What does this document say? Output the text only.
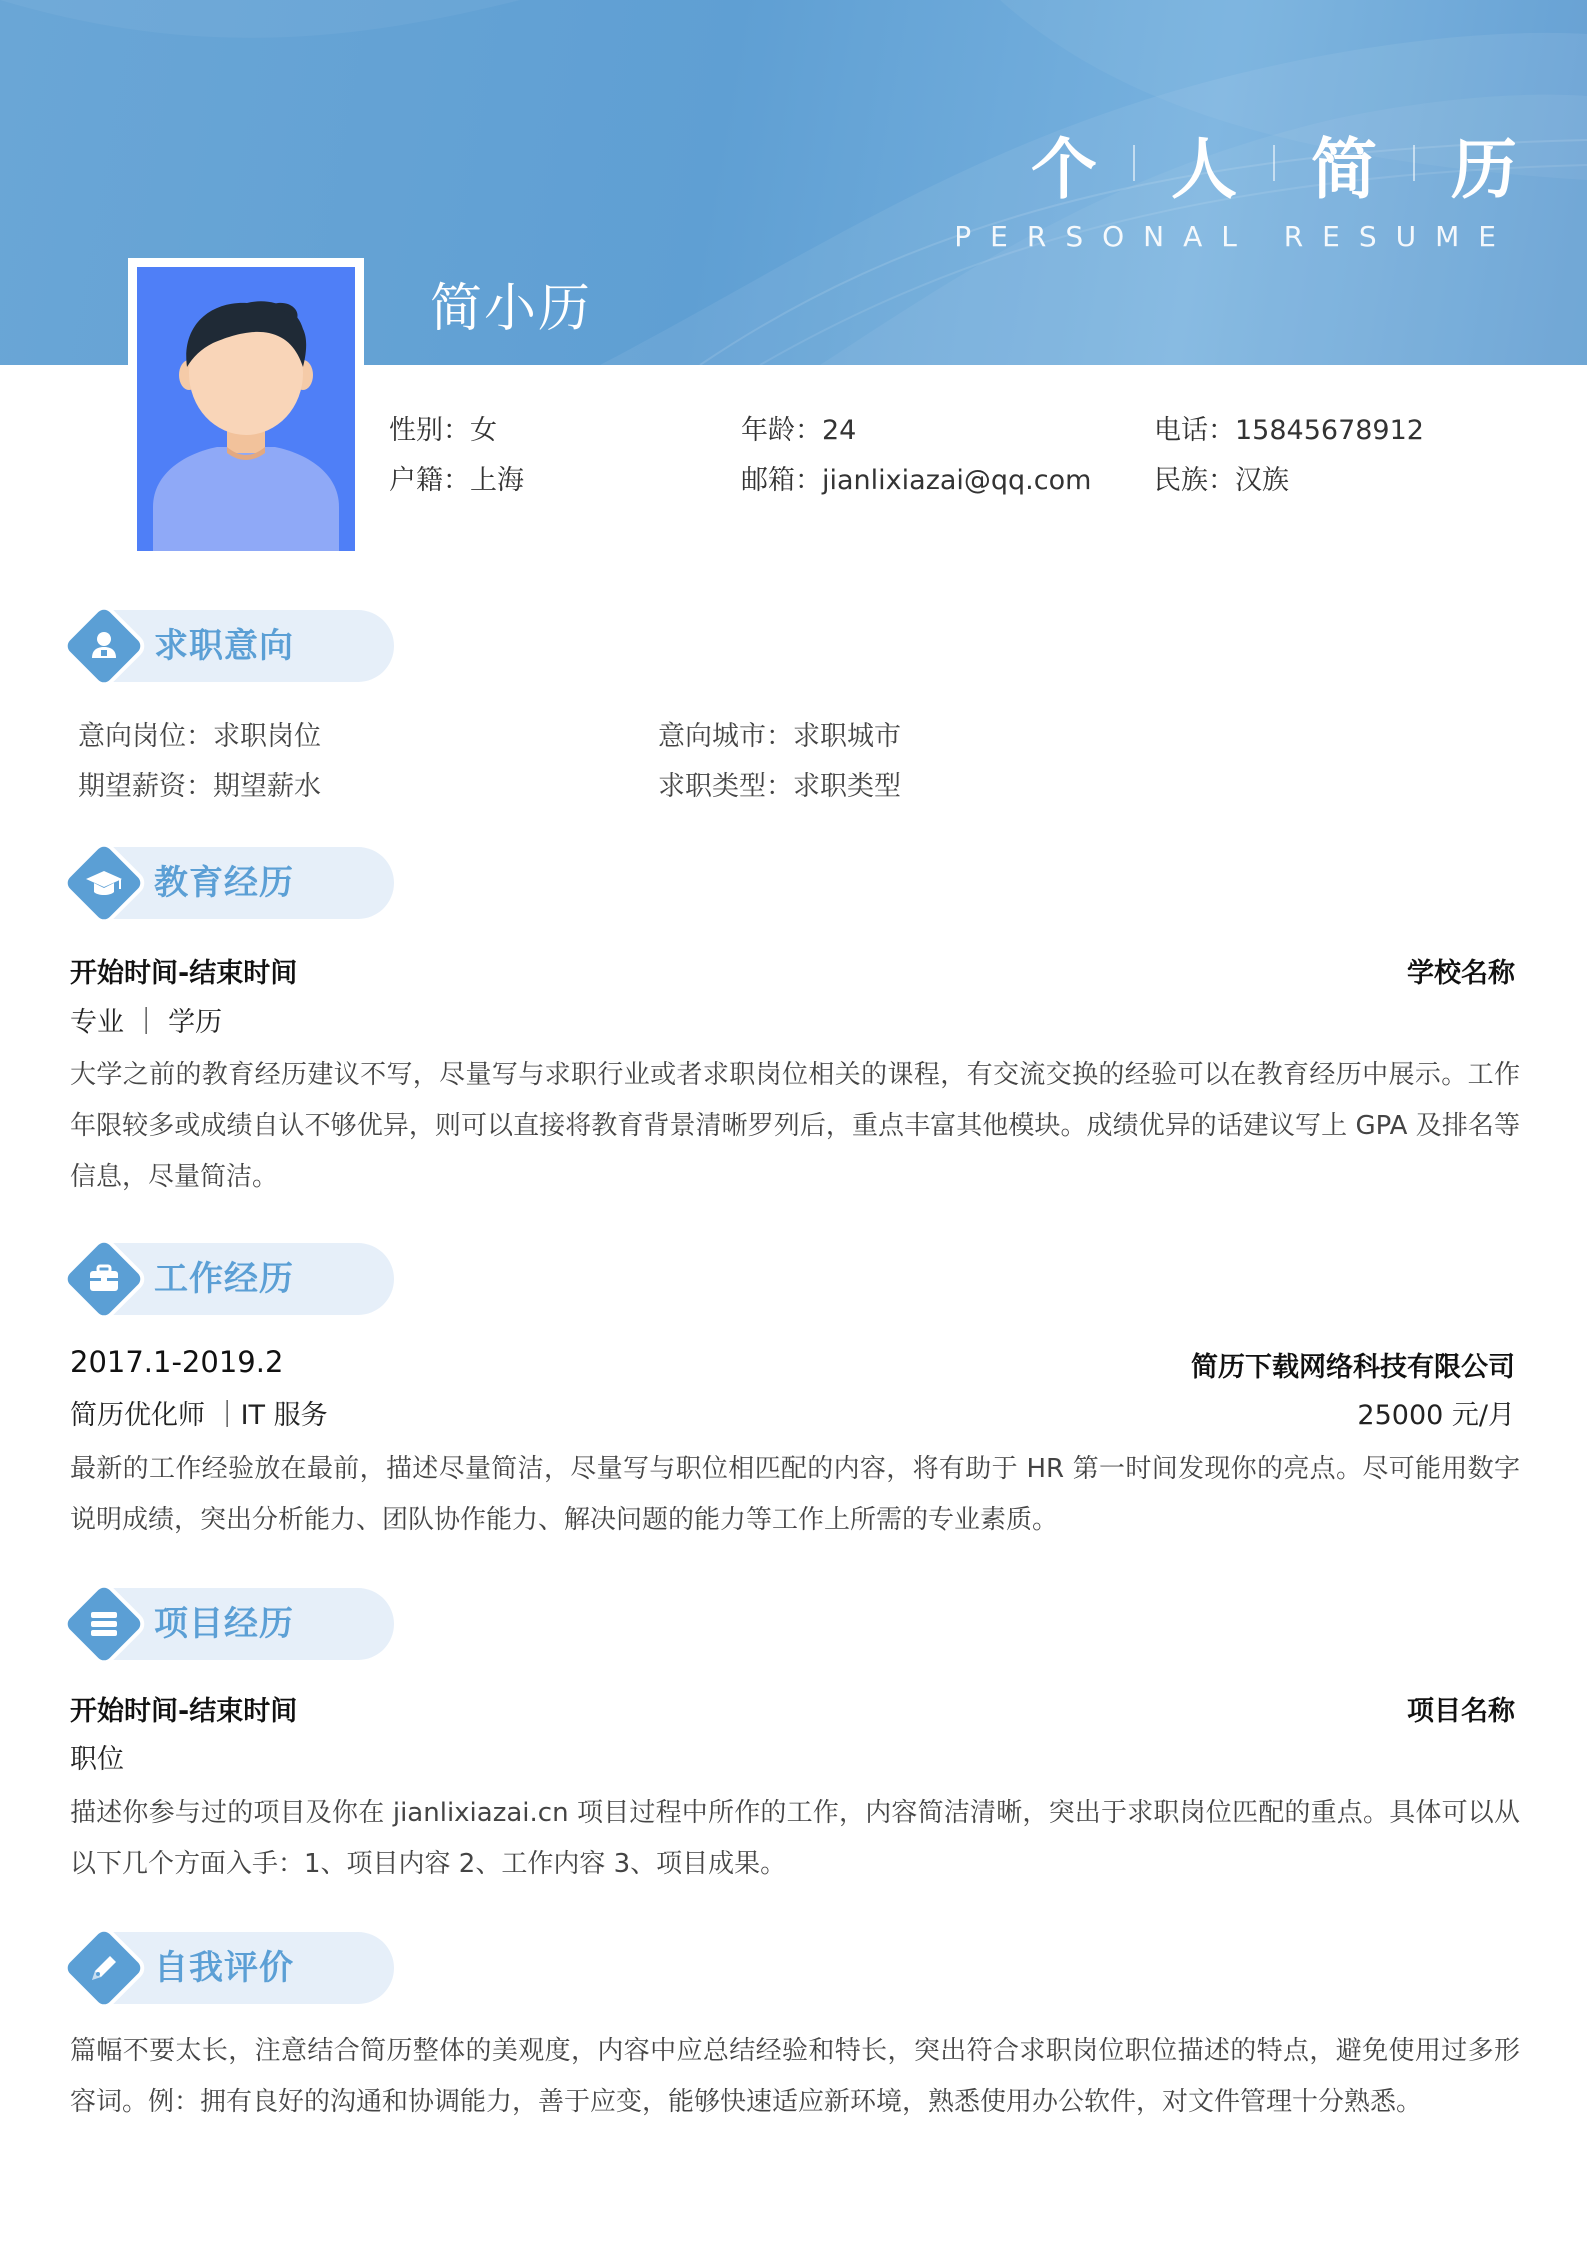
个 人 简 历
PERSONAL RESUME
简小历
性别：女	年龄：24	电话：15845678912
户籍：上海	邮箱：jianlixiazai@qq.com 民族：汉族
求职意向
意向岗位：求职岗位	意向城市：求职城市
期望薪资：期望薪水	求职类型：求职类型
教育经历
开始时间-结束时间	学校名称
专业 ｜ 学历
大学之前的教育经历建议不写，尽量写与求职行业或者求职岗位相关的课程，有交流交换的经验可以在教育经历中展示。工作年限较多或成绩自认不够优异，则可以直接将教育背景清晰罗列后，重点丰富其他模块。成绩优异的话建议写上 GPA 及排名等信息，尽量简洁。
工作经历
2017.1-2019.2	简历下载网络科技有限公司
简历优化师 ｜IT 服务	25000 元/月
最新的工作经验放在最前，描述尽量简洁，尽量写与职位相匹配的内容，将有助于 HR 第一时间发现你的亮点。尽可能用数字说明成绩，突出分析能力、团队协作能力、解决问题的能力等工作上所需的专业素质。
项目经历
开始时间-结束时间	项目名称
职位
描述你参与过的项目及你在 jianlixiazai.cn 项目过程中所作的工作，内容简洁清晰，突出于求职岗位匹配的重点。具体可以从以下几个方面入手：1、项目内容 2、工作内容 3、项目成果。
自我评价
篇幅不要太长，注意结合简历整体的美观度，内容中应总结经验和特长，突出符合求职岗位职位描述的特点，避免使用过多形容词。例：拥有良好的沟通和协调能力，善于应变，能够快速适应新环境，熟悉使用办公软件，对文件管理十分熟悉。
